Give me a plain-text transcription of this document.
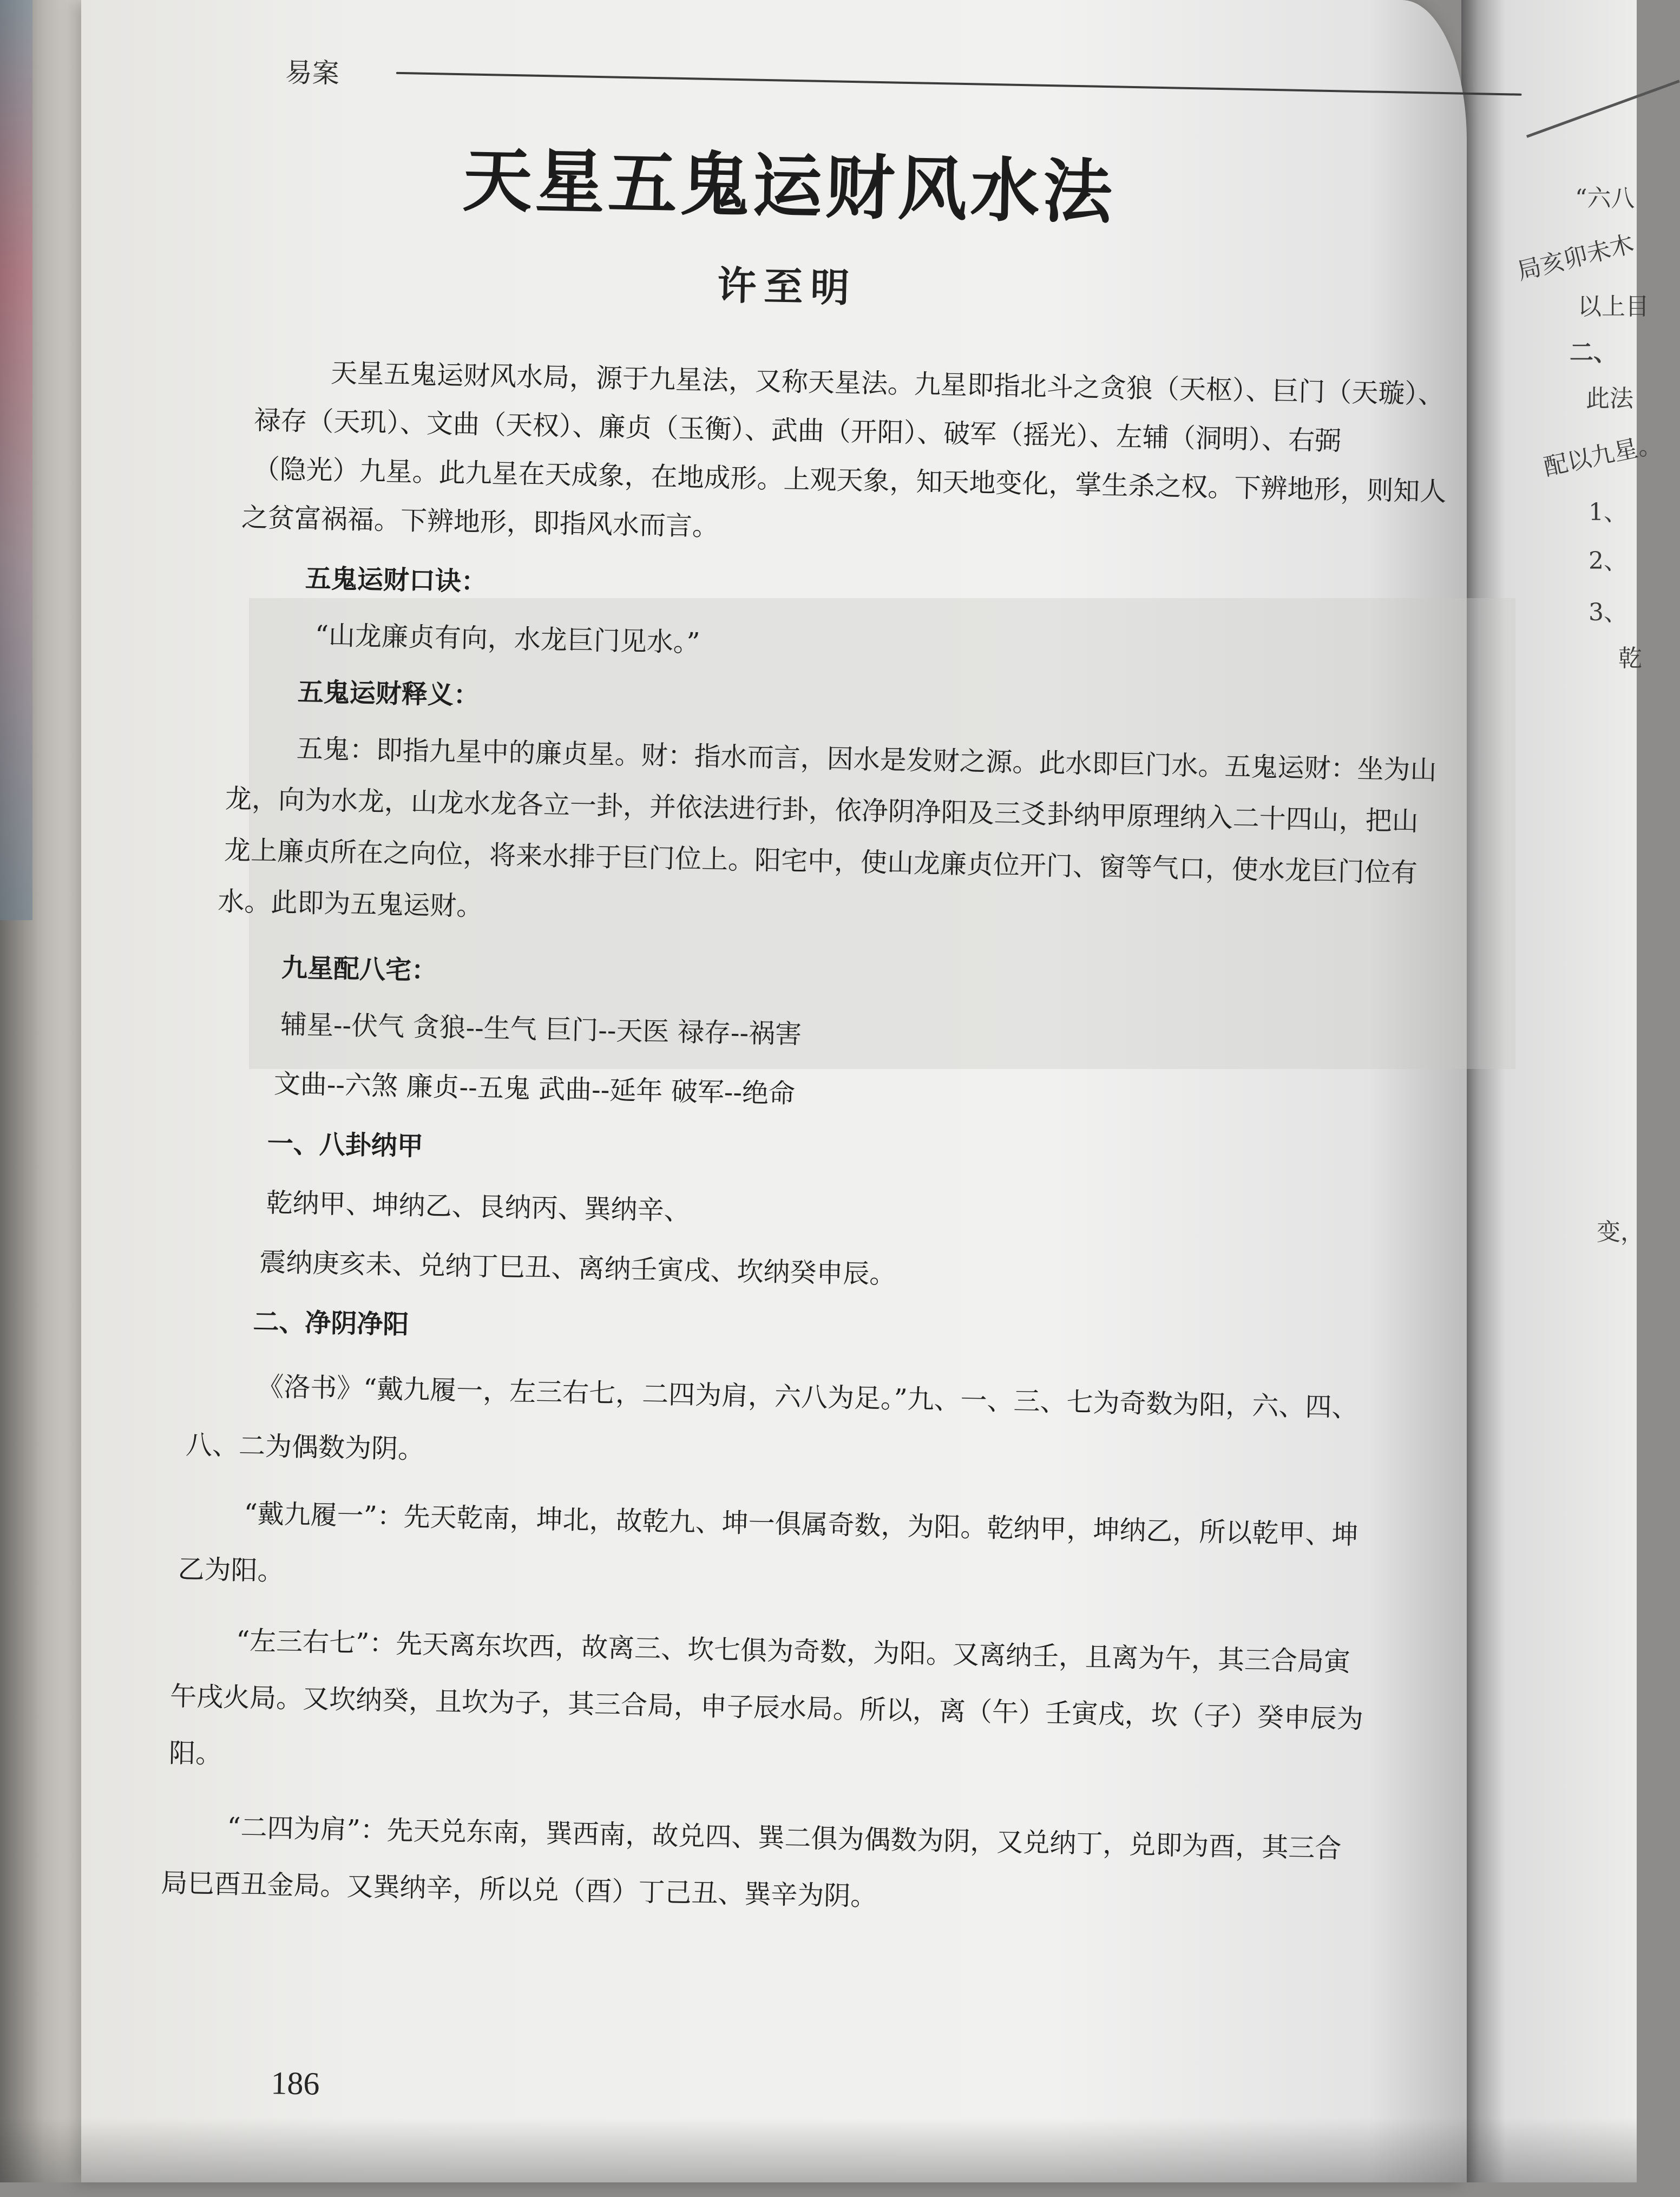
“六八
局亥卯未木
以上目
二、
此法
配以九星。
1、
2、
3、
乾
变，
易案
天星五鬼运财风水法
许至明
天星五鬼运财风水局，源于九星法，又称天星法。九星即指北斗之贪狼（天枢）、巨门（天璇）、
禄存（天玑）、文曲（天权）、廉贞（玉衡）、武曲（开阳）、破军（摇光）、左辅（洞明）、右弼
（隐光）九星。此九星在天成象，在地成形。上观天象，知天地变化，掌生杀之权。下辨地形，则知人
之贫富祸福。下辨地形，即指风水而言。
五鬼运财口诀：
“山龙廉贞有向，水龙巨门见水。”
五鬼运财释义：
五鬼：即指九星中的廉贞星。财：指水而言，因水是发财之源。此水即巨门水。五鬼运财：坐为山
龙，向为水龙，山龙水龙各立一卦，并依法进行卦，依净阴净阳及三爻卦纳甲原理纳入二十四山，把山
龙上廉贞所在之向位，将来水排于巨门位上。阳宅中，使山龙廉贞位开门、窗等气口，使水龙巨门位有
水。此即为五鬼运财。
九星配八宅：
辅星--伏气 贪狼--生气 巨门--天医 禄存--祸害
文曲--六煞 廉贞--五鬼 武曲--延年 破军--绝命
一、八卦纳甲
乾纳甲、坤纳乙、艮纳丙、巽纳辛、
震纳庚亥未、兑纳丁巳丑、离纳壬寅戌、坎纳癸申辰。
二、净阴净阳
《洛书》“戴九履一，左三右七，二四为肩，六八为足。”九、一、三、七为奇数为阳，六、四、
八、二为偶数为阴。
“戴九履一”：先天乾南，坤北，故乾九、坤一俱属奇数，为阳。乾纳甲，坤纳乙，所以乾甲、坤
乙为阳。
“左三右七”：先天离东坎西，故离三、坎七俱为奇数，为阳。又离纳壬，且离为午，其三合局寅
午戌火局。又坎纳癸，且坎为子，其三合局，申子辰水局。所以，离（午）壬寅戌，坎（子）癸申辰为
阳。
“二四为肩”：先天兑东南，巽西南，故兑四、巽二俱为偶数为阴，又兑纳丁，兑即为酉，其三合
局巳酉丑金局。又巽纳辛，所以兑（酉）丁己丑、巽辛为阴。
186
